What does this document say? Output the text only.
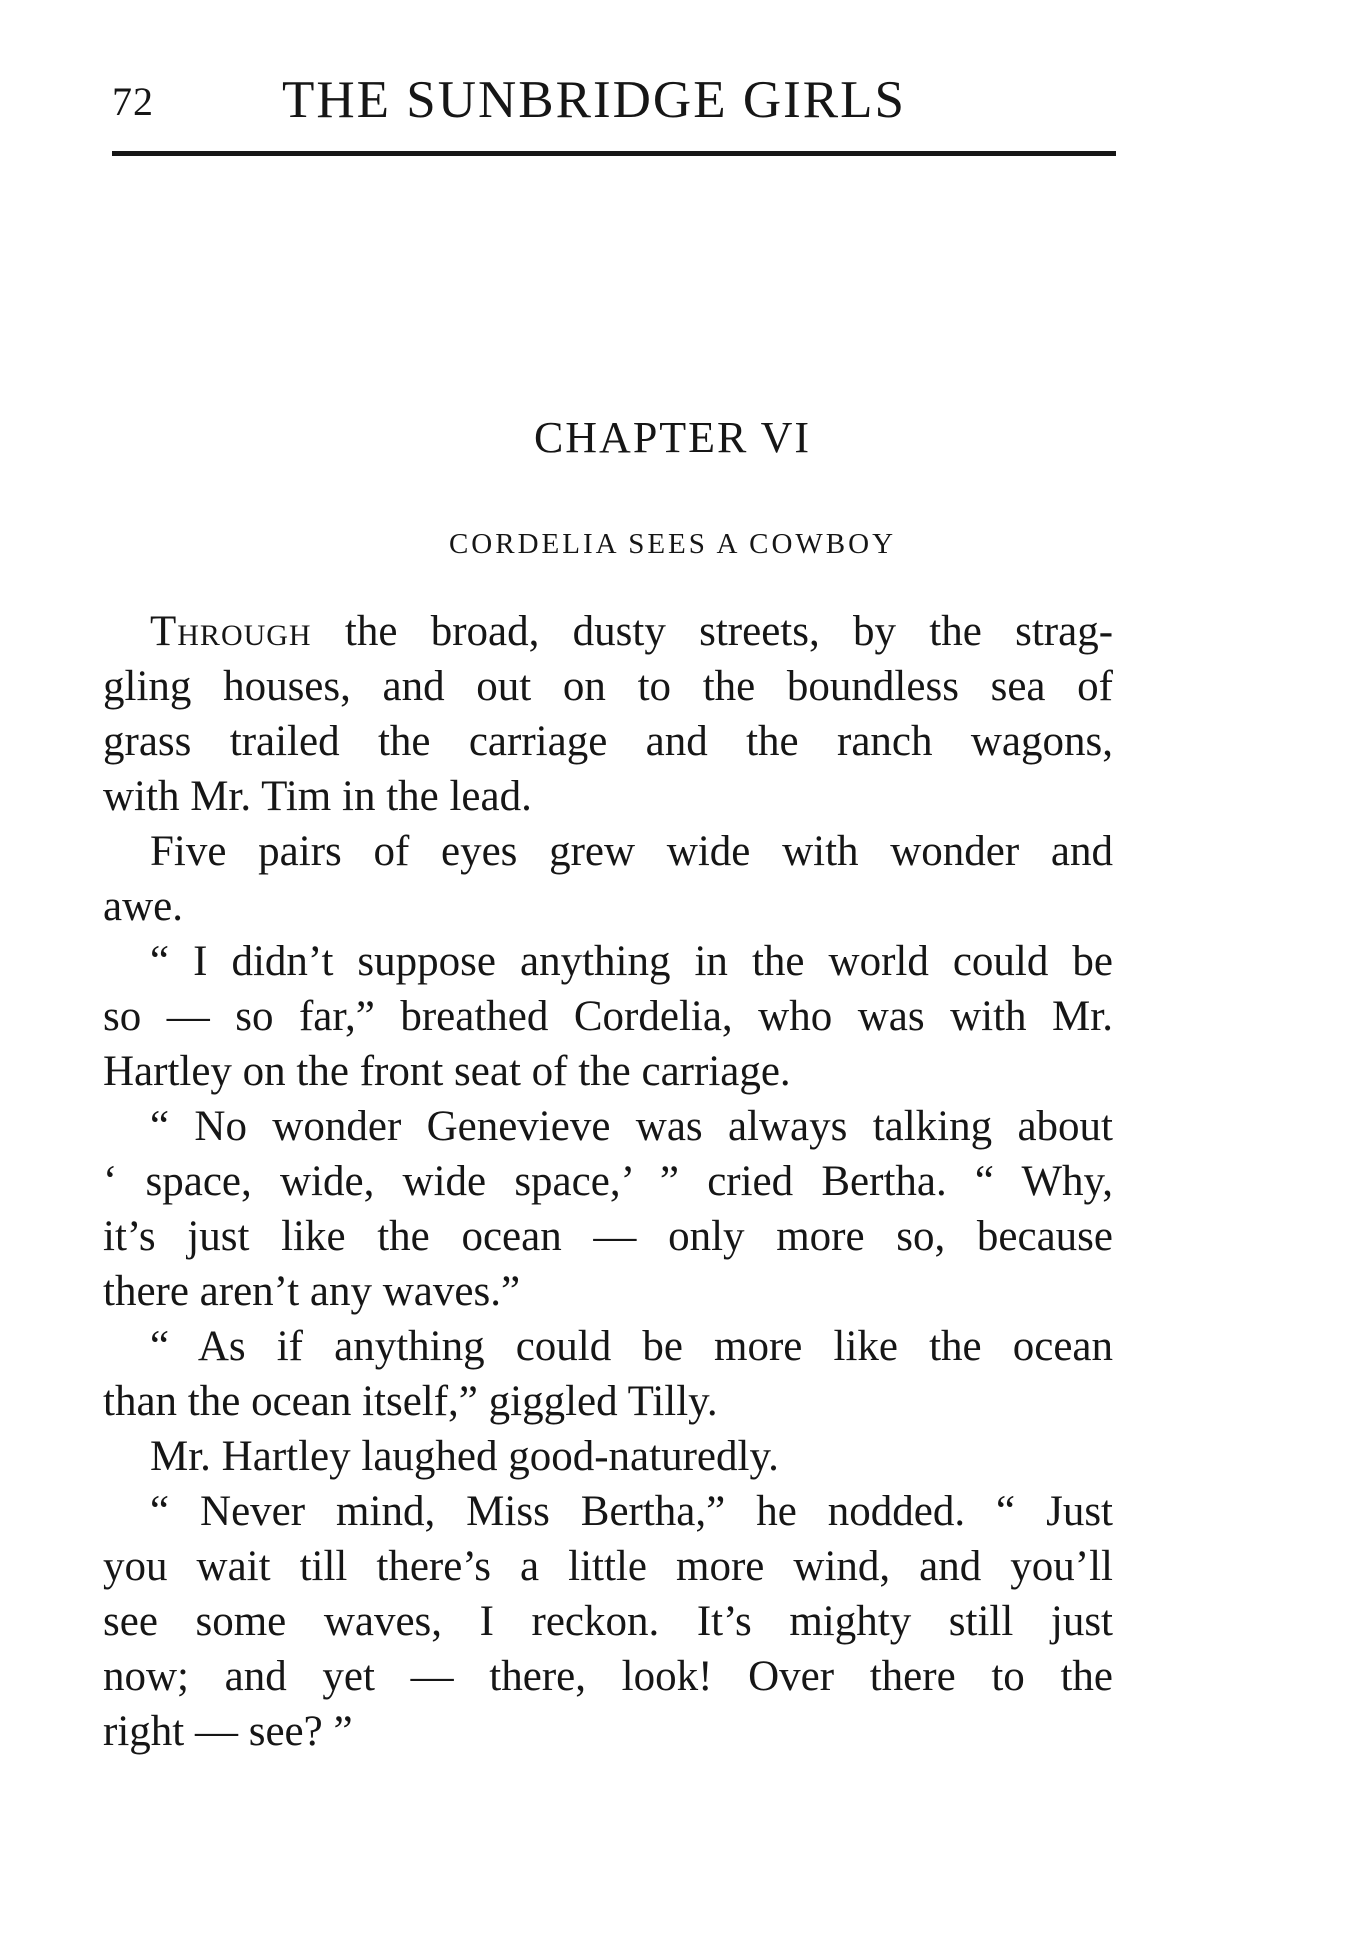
72 THE SUNBRIDGE GIRLS
CHAPTER VI
CORDELIA SEES A COWBOY
Through the broad, dusty streets, by the strag-
gling houses, and out on to the boundless sea of
grass trailed the carriage and the ranch wagons,
with Mr. Tim in the lead.
Five pairs of eyes grew wide with wonder and
awe.
“ I didn’t suppose anything in the world could be
so — so far,” breathed Cordelia, who was with Mr.
Hartley on the front seat of the carriage.
“ No wonder Genevieve was always talking about
‘ space, wide, wide space,’ ” cried Bertha. “ Why,
it’s just like the ocean — only more so, because
there aren’t any waves.”
“ As if anything could be more like the ocean
than the ocean itself,” giggled Tilly.
Mr. Hartley laughed good-naturedly.
“ Never mind, Miss Bertha,” he nodded. “ Just
you wait till there’s a little more wind, and you’ll
see some waves, I reckon. It’s mighty still just
now; and yet — there, look! Over there to the
right — see? ”
